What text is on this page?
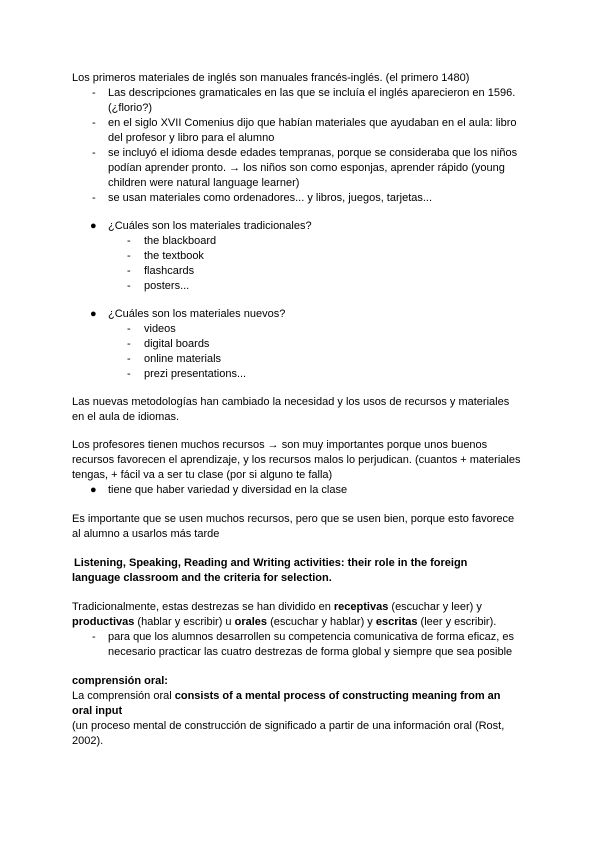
Los primeros materiales de inglés son manuales francés-inglés. (el primero 1480)
- Las descripciones gramaticales en las que se incluía el inglés aparecieron en 1596.
(¿florio?)
- en el siglo XVII Comenius dijo que habían materiales que ayudaban en el aula: libro
del profesor y libro para el alumno
- se incluyó el idioma desde edades tempranas, porque se consideraba que los niños
podían aprender pronto. → los niños son como esponjas, aprender rápido (young
children were natural language learner)
- se usan materiales como ordenadores... y libros, juegos, tarjetas...
● ¿Cuáles son los materiales tradicionales?
- the blackboard
- the textbook
- flashcards
- posters...
● ¿Cuáles son los materiales nuevos?
- videos
- digital boards
- online materials
- prezi presentations...
Las nuevas metodologías han cambiado la necesidad y los usos de recursos y materiales
en el aula de idiomas.
Los profesores tienen muchos recursos → son muy importantes porque unos buenos
recursos favorecen el aprendizaje, y los recursos malos lo perjudican. (cuantos + materiales
tengas, + fácil va a ser tu clase (por si alguno te falla)
● tiene que haber variedad y diversidad en la clase
Es importante que se usen muchos recursos, pero que se usen bien, porque esto favorece
al alumno a usarlos más tarde
Listening, Speaking, Reading and Writing activities: their role in the foreign
language classroom and the criteria for selection.
Tradicionalmente, estas destrezas se han dividido en receptivas (escuchar y leer) y
productivas (hablar y escribir) u orales (escuchar y hablar) y escritas (leer y escribir).
- para que los alumnos desarrollen su competencia comunicativa de forma eficaz, es
necesario practicar las cuatro destrezas de forma global y siempre que sea posible
comprensión oral:
La comprensión oral consists of a mental process of constructing meaning from an
oral input
(un proceso mental de construcción de significado a partir de una información oral (Rost,
2002).
